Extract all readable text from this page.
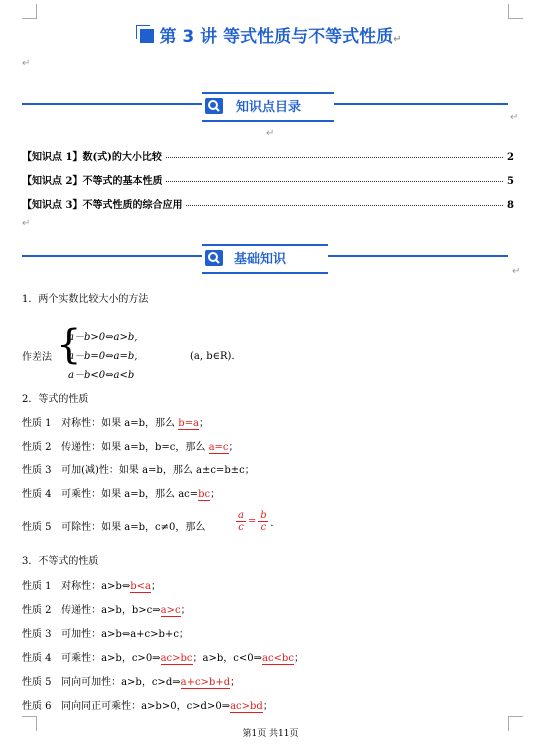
第 3 讲 等式性质与不等式性质↵
↵
知识点目录
↵
↵
【知识点 1】数(式)的大小比较	2
【知识点 2】不等式的基本性质	5
【知识点 3】不等式性质的综合应用	8
↵
基础知识
↵
1．两个实数比较大小的方法
作差法 {
a－b>0⇔a>b,
a－b=0⇔a=b,
a－b<0⇔a<b
(a, b∈R)．
2．等式的性质
性质 1 对称性：如果 a=b，那么 b=a；
性质 2 传递性：如果 a=b，b=c，那么 a=c；
性质 3 可加(减)性：如果 a=b，那么 a±c=b±c；
性质 4 可乘性：如果 a=b，那么 ac=bc；
性质 5 可除性：如果 a=b，c≠0，那么
a
c
=
b
c ．
3．不等式的性质
性质 1 对称性：a>b⇔b<a；
性质 2 传递性：a>b，b>c⇒a>c；
性质 3 可加性：a>b⇔a+c>b+c；
性质 4 可乘性：a>b，c>0⇒ac>bc；a>b，c<0⇒ac<bc；
性质 5 同向可加性：a>b，c>d⇒a+c>b+d；
性质 6 同向同正可乘性：a>b>0，c>d>0⇒ac>bd；
第1页 共11页
